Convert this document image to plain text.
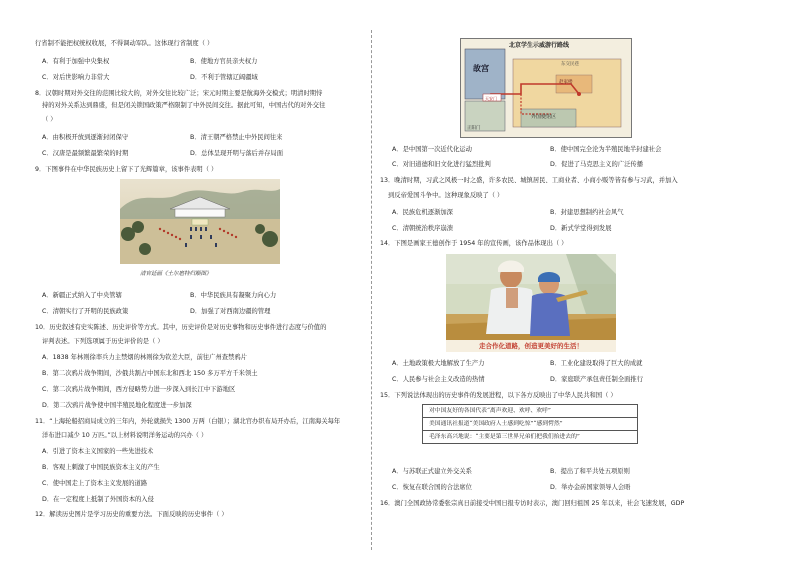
行省制不能把权统权收展，不得调动军队。这体现行省制度（ ）
A．有利于加强中央集权	B．使地方官员亲夫权力
C．对后世影响力非常大	D．不利于管辖辽阔疆域
8．汉朝时期对外交往的范围比较大的，对外交往比较广泛；宋元时期主要是航海外交模式；明清时期恃
持的对外关系达到鼎盛，但是闭关锁国政策严格限制了中外民间交往。据此可知，中国古代的对外交往
（ ）
A．由积极开放到逐渐封闭保守	B．清王朝严格禁止中外民间往来
C．汉唐是最频繁最繁荣的时期	D．总体呈现开明与落后并存局面
9．下图事件在中华民族历史上留下了光辉篇章，该事件表明（ ）
清官廷画《土尔扈特归顺图》
A．新疆正式纳入了中央管辖	B．中华民族具有凝聚力向心力
C．清朝实行了开明的民族政策	D．加强了对西南边疆的管理
10．历史叙述有史实陈述、历史评价等方式。其中，历史评价是对历史事物和历史事件进行态度与价值的
评判表述。下列选项属于历史评价的是（ ）
A．1838 年林则徐率兵力主禁烟的林则徐为钦差大臣，前往广州查禁鸦片
B．第二次鸦片战争期间，沙俄共割占中国东北和西北 150 多万平方千米领土
C．第二次鸦片战争期间，西方侵略势力进一步深入到长江中下游地区
D．第二次鸦片战争使中国半殖民地化程度进一步加深
11．“上海轮船招商局成立的三年内，外轮就损失 1300 万两（白银）；湖北官办织布局开办后，江南海关每年
洋布进口减少 10 万匹。”以上材料说明洋务运动的兴办（ ）
A．引进了资本主义国家的一些先进技术
B．客观上刺激了中国民族资本主义的产生
C．使中国走上了资本主义发展的道路
D．在一定程度上抵制了外国资本的入侵
12．解读历史图片是学习历史的重要方法。下面反映的历史事件（ ）
北京学生示威游行路线
故宫	东交民巷
外国使馆区
天安门
赵家楼
正阳门
A．是中国第一次近代化运动	B．使中国完全沦为半殖民地半封建社会
C．对旧道德和旧文化进行猛烈批判	D．促进了马克思主义的广泛传播
13．晚清时期，习武之风极一时之盛，许多农民、城镇居民、工商业者、小商小贩等皆有参与习武，并加入
到反帝爱国斗争中。这种现象反映了（ ）
A．民族危机逐渐加深	B．封建思想制约社会风气
C．清朝统治秩序崩溃	D．新式学堂得到发展
14．下图是画家王德创作于 1954 年的宣传画，该作品体现出（ ）
走合作化道路，创造更美好的生活！
A．土地政策极大地解放了生产力	B．工业化建设取得了巨大的成就
C．人民参与社会主义改造的热情	D．家庭联产承包责任制全面推行
15．下列说法体现出的历史事件的发展进程，以下各方反映出了中华人民共和国（ ）
对中国友好的各国代表“离声欢迎、欢呼、欢呼”
美国通讯社报道“美国政府人士感到吃惊”“感到愕然”
毛泽东高兴地说：“主要是第三世界兄弟们把我们抬进去的”
A．与苏联正式建立外交关系	B．提出了和平共处五项原则
C．恢复在联合国的合法席位	D．举办金砖国家领导人会晤
16．澳门全国政协常委张宗真日前接受中国日报专访时表示，澳门回归祖国 25 年以来，社会飞速发展，GDP
